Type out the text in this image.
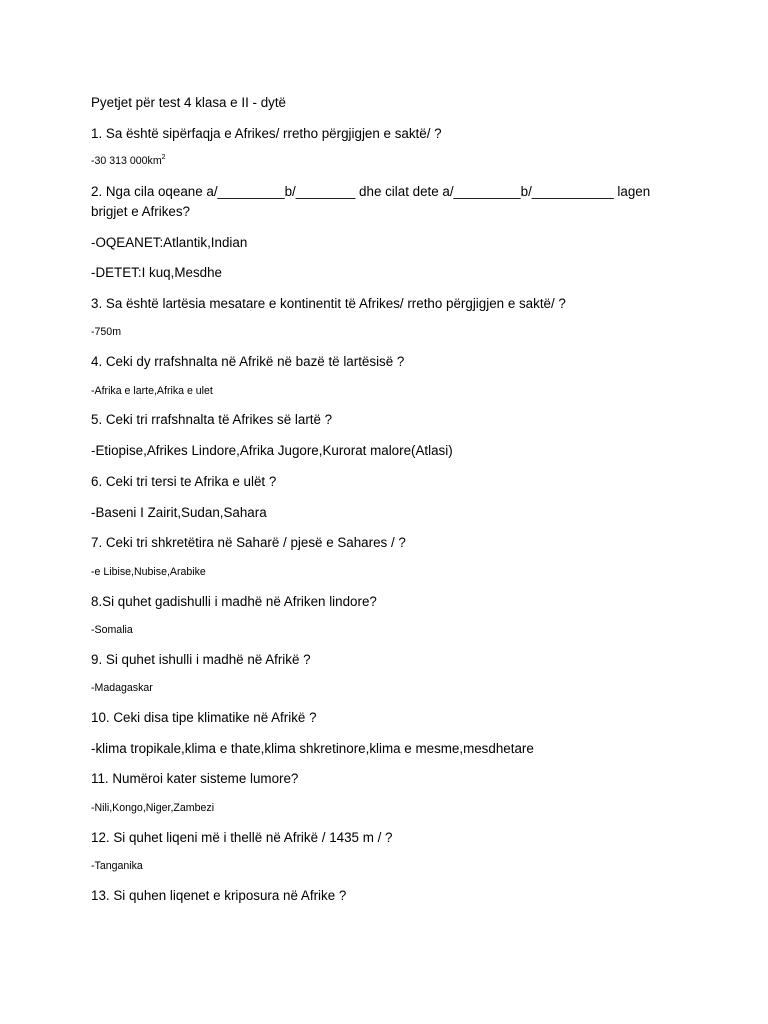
Pyetjet për test 4 klasa e II - dytë
1. Sa është sipërfaqja e Afrikes/ rretho përgjigjen e saktë/ ?
-30 313 $000km^2$
2. Nga cila oqeane a/_________b/________ dhe cilat dete a/_________b/___________ lagen brigjet e Afrikes?
-OQEANET:Atlantik,Indian
-DETET:I kuq,Mesdhe
3. Sa është lartësia mesatare e kontinentit të Afrikes/ rretho përgjigjen e saktë/ ?
-750m
4. Ceki dy rrafshnalta në Afrikë në bazë të lartësisë ?
-Afrika e larte,Afrika e ulet
5. Ceki tri rrafshnalta të Afrikes së lartë ?
-Etiopise,Afrikes Lindore,Afrika Jugore,Kurorat malore(Atlasi)
6. Ceki tri tersi te Afrika e ulët ?
-Baseni I Zairit,Sudan,Sahara
7. Ceki tri shkretëtira në Saharë / pjesë e Sahares / ?
-e Libise,Nubise,Arabike
8.Si quhet gadishulli i madhë në Afriken lindore?
-Somalia
9. Si quhet ishulli i madhë në Afrikë ?
-Madagaskar
10. Ceki disa tipe klimatike në Afrikë ?
-klima tropikale,klima e thate,klima shkretinore,klima e mesme,mesdhetare
11. Numëroi kater sisteme lumore?
-Nili,Kongo,Niger,Zambezi
12. Si quhet liqeni më i thellë në Afrikë / 1435 m / ?
-Tanganika
13. Si quhen liqenet e kriposura në Afrike ?
